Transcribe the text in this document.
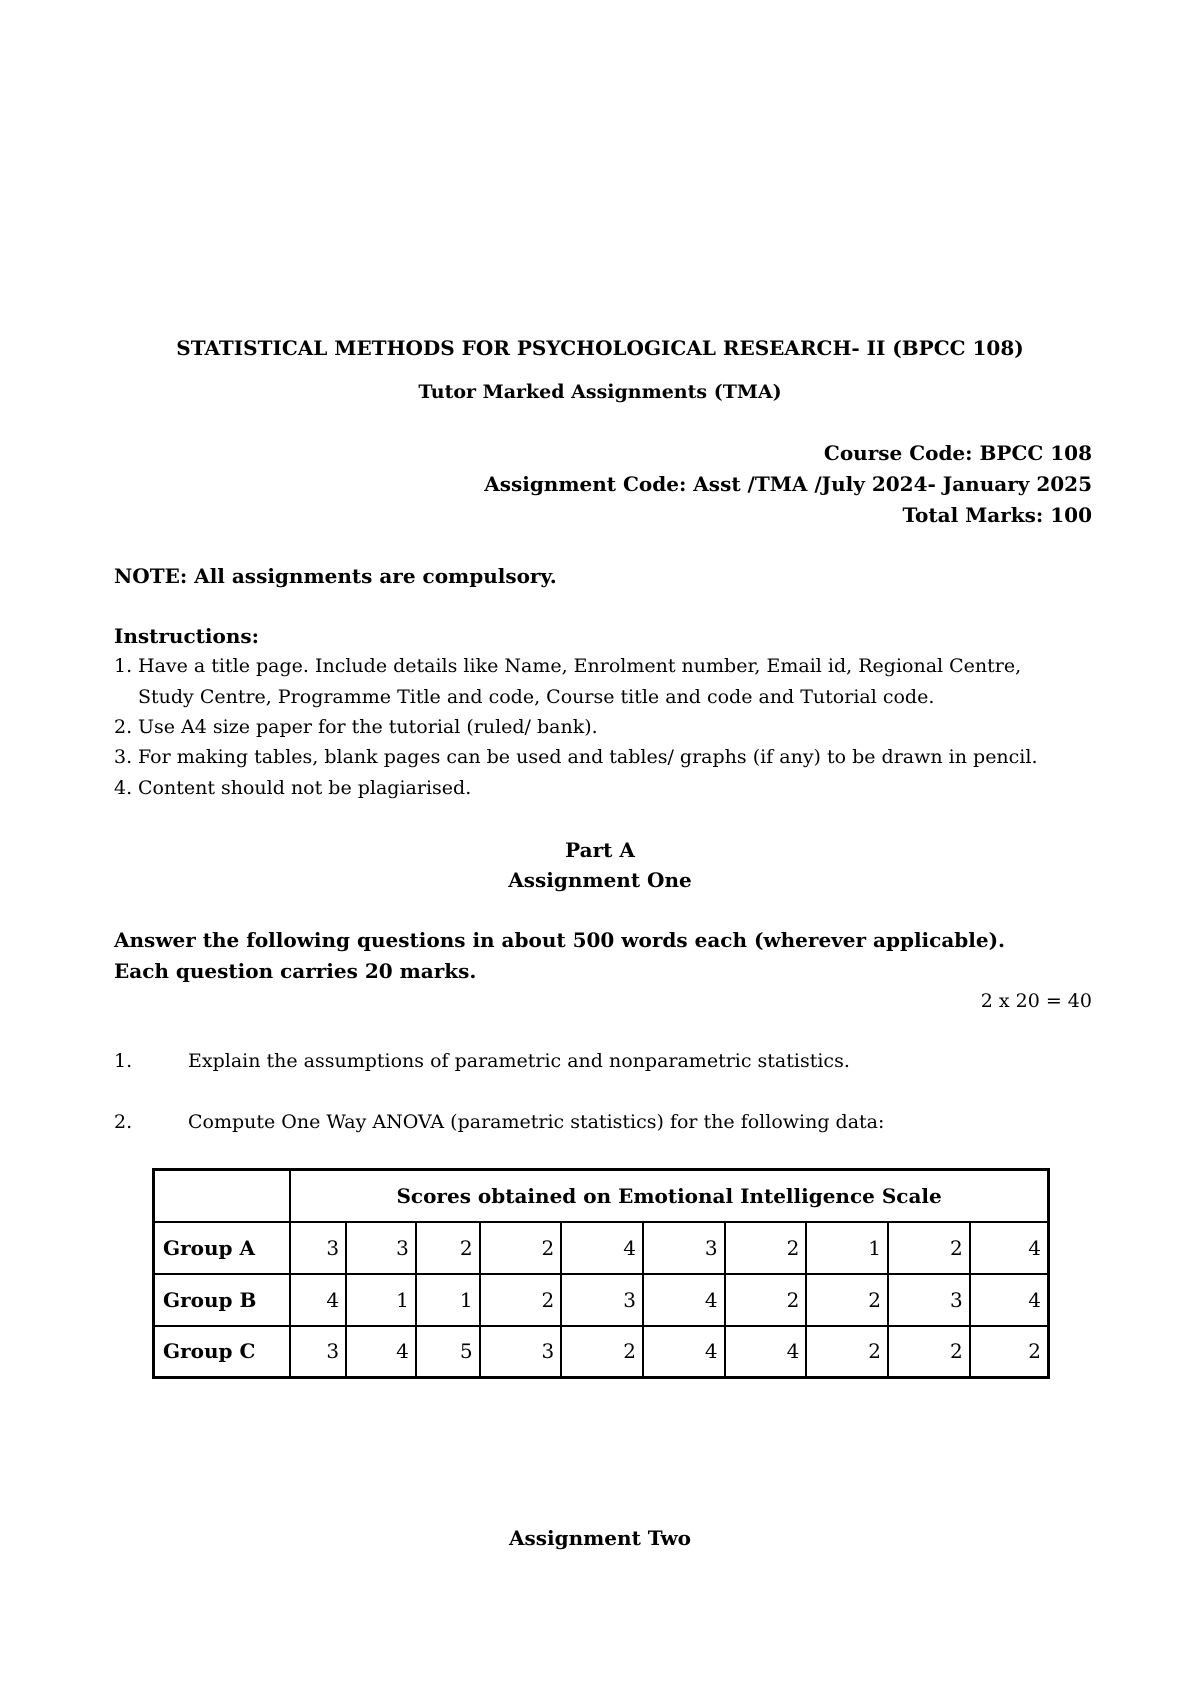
STATISTICAL METHODS FOR PSYCHOLOGICAL RESEARCH- II (BPCC 108)
Tutor Marked Assignments (TMA)
Course Code: BPCC 108
Assignment Code: Asst /TMA /July 2024- January 2025
Total Marks: 100
NOTE: All assignments are compulsory.
Instructions:
1. Have a title page. Include details like Name, Enrolment number, Email id, Regional Centre,
Study Centre, Programme Title and code, Course title and code and Tutorial code.
2. Use A4 size paper for the tutorial (ruled/ bank).
3. For making tables, blank pages can be used and tables/ graphs (if any) to be drawn in pencil.
4. Content should not be plagiarised.
Part A
Assignment One
Answer the following questions in about 500 words each (wherever applicable).
Each question carries 20 marks.
2 x 20 = 40
1.	Explain the assumptions of parametric and nonparametric statistics.
2.	Compute One Way ANOVA (parametric statistics) for the following data:
	Scores obtained on Emotional Intelligence Scale									
Group A	3	3	2	2	4	3	2	1	2	4
Group B	4	1	1	2	3	4	2	2	3	4
Group C	3	4	5	3	2	4	4	2	2	2
Assignment Two
